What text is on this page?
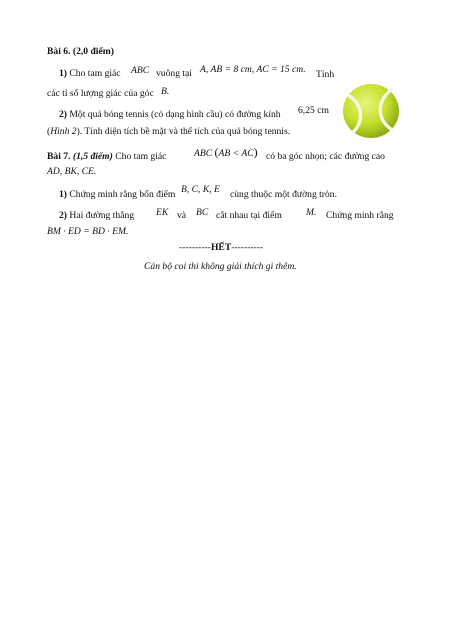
Bài 6. (2,0 điểm)
1) Cho tam giác ABC vuông tại A, AB = 8 cm, AC = 15 cm. Tính
các tỉ số lượng giác của góc B.
2) Một quả bóng tennis (có dạng hình cầu) có đường kính 6,25 cm
(Hình 2). Tính diện tích bề mặt và thể tích của quả bóng tennis.
Bài 7. (1,5 điểm) Cho tam giác	ABC (AB < AC) có ba góc nhọn; các đường cao
AD, BK, CE.
1) Chứng minh rằng bốn điểm B, C, K, E cùng thuộc một đường tròn.
2) Hai đường thẳng EK và BC cắt nhau tại điểm	M. Chứng minh rằng
BM · ED = BD · EM.
----------HẾT----------
Cán bộ coi thi không giải thích gì thêm.
